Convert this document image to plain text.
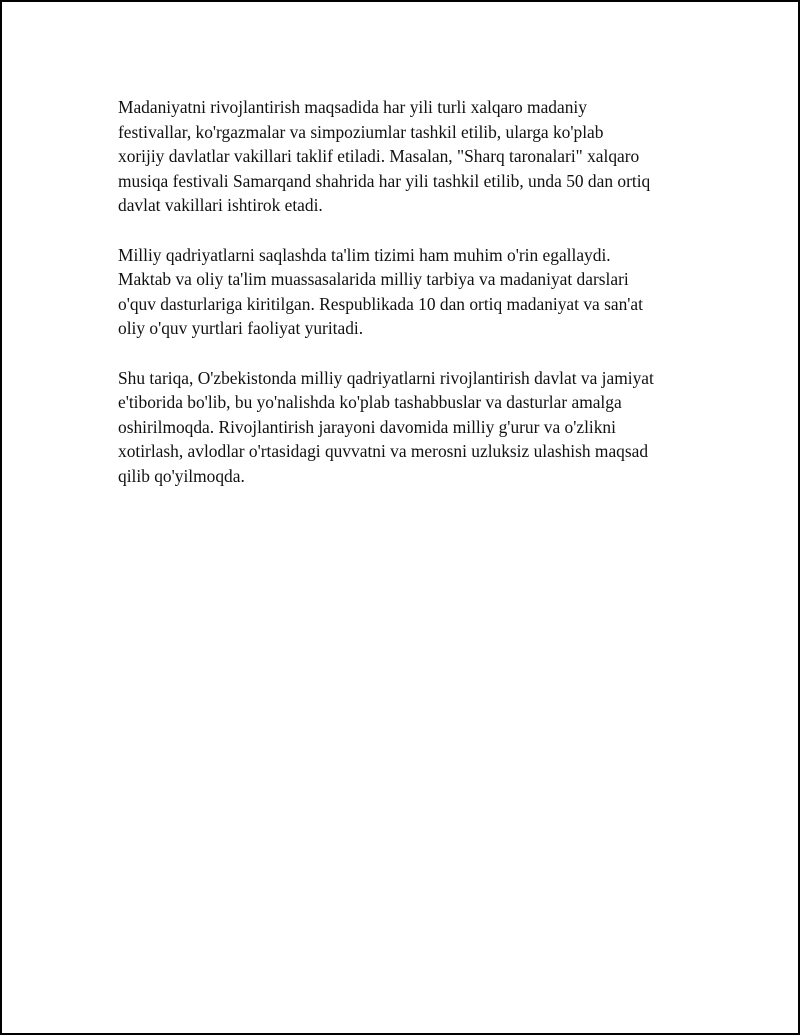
Madaniyatni rivojlantirish maqsadida har yili turli xalqaro madaniy
festivallar, ko'rgazmalar va simpoziumlar tashkil etilib, ularga ko'plab
xorijiy davlatlar vakillari taklif etiladi. Masalan, "Sharq taronalari" xalqaro
musiqa festivali Samarqand shahrida har yili tashkil etilib, unda 50 dan ortiq
davlat vakillari ishtirok etadi.

Milliy qadriyatlarni saqlashda ta'lim tizimi ham muhim o'rin egallaydi.
Maktab va oliy ta'lim muassasalarida milliy tarbiya va madaniyat darslari
o'quv dasturlariga kiritilgan. Respublikada 10 dan ortiq madaniyat va san'at
oliy o'quv yurtlari faoliyat yuritadi.

Shu tariqa, O'zbekistonda milliy qadriyatlarni rivojlantirish davlat va jamiyat
e'tiborida bo'lib, bu yo'nalishda ko'plab tashabbuslar va dasturlar amalga
oshirilmoqda. Rivojlantirish jarayoni davomida milliy g'urur va o'zlikni
xotirlash, avlodlar o'rtasidagi quvvatni va merosni uzluksiz ulashish maqsad
qilib qo'yilmoqda.
